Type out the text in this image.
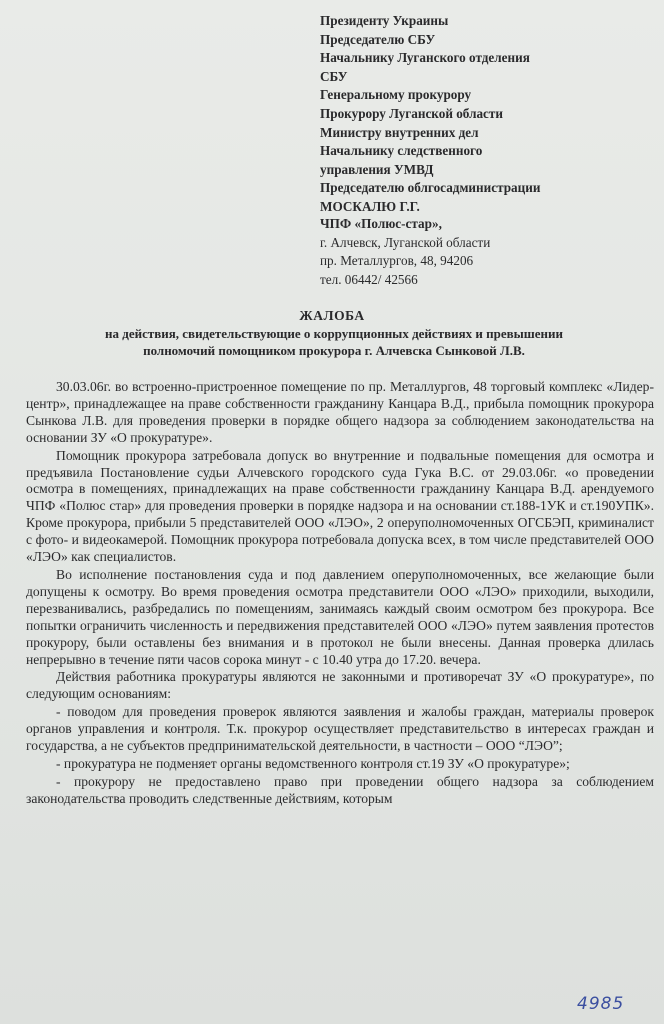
Президенту Украины
Председателю СБУ
Начальнику Луганского отделения
СБУ
Генеральному прокурору
Прокурору Луганской области
Министру внутренних дел
Начальнику следственного
управления УМВД
Председателю облгосадминистрации
МОСКАЛЮ Г.Г.
ЧПФ «Полюс-стар»,
г. Алчевск, Луганской области
пр. Металлургов, 48, 94206
тел. 06442/ 42566
ЖАЛОБА
на действия, свидетельствующие о коррупционных действиях и превышении
полномочий помощником прокурора г. Алчевска Сынковой Л.В.

30.03.06г. во встроенно-пристроенное помещение по пр. Металлургов, 48 торговый комплекс «Лидер-центр», принадлежащее на праве собственности гражданину Канцара В.Д., прибыла помощник прокурора Сынкова Л.В. для проведения проверки в порядке общего надзора за соблюдением законодательства на основании ЗУ «О прокуратуре».

Помощник прокурора затребовала допуск во внутренние и подвальные помещения для осмотра и предъявила Постановление судьи Алчевского городского суда Гука В.С. от 29.03.06г. «о проведении осмотра в помещениях, принадлежащих на праве собственности гражданину Канцара В.Д. арендуемого ЧПФ «Полюс стар» для проведения проверки в порядке надзора и на основании ст.188-1УК и ст.190УПК». Кроме прокурора, прибыли 5 представителей ООО «ЛЭО», 2 оперуполномоченных ОГСБЭП, криминалист с фото- и видеокамерой. Помощник прокурора потребовала допуска всех, в том числе представителей ООО «ЛЭО» как специалистов.

Во исполнение постановления суда и под давлением оперуполномоченных, все желающие были допущены к осмотру. Во время проведения осмотра представители ООО «ЛЭО» приходили, выходили, перезванивались, разбредались по помещениям, занимаясь каждый своим осмотром без прокурора. Все попытки ограничить численность и передвижения представителей ООО «ЛЭО» путем заявления протестов прокурору, были оставлены без внимания и в протокол не были внесены. Данная проверка длилась непрерывно в течение пяти часов сорока минут - с 10.40 утра до 17.20. вечера.

Действия работника прокуратуры являются не законными и противоречат ЗУ «О прокуратуре», по следующим основаниям:

- поводом для проведения проверок являются заявления и жалобы граждан, материалы проверок органов управления и контроля. Т.к. прокурор осуществляет представительство в интересах граждан и государства, а не субъектов предпринимательской деятельности, в частности – ООО “ЛЭО”;

- прокуратура не подменяет органы ведомственного контроля ст.19 ЗУ «О прокуратуре»;

- прокурору не предоставлено право при проведении общего надзора за соблюдением законодательства проводить следственные действиям, которым

4985
